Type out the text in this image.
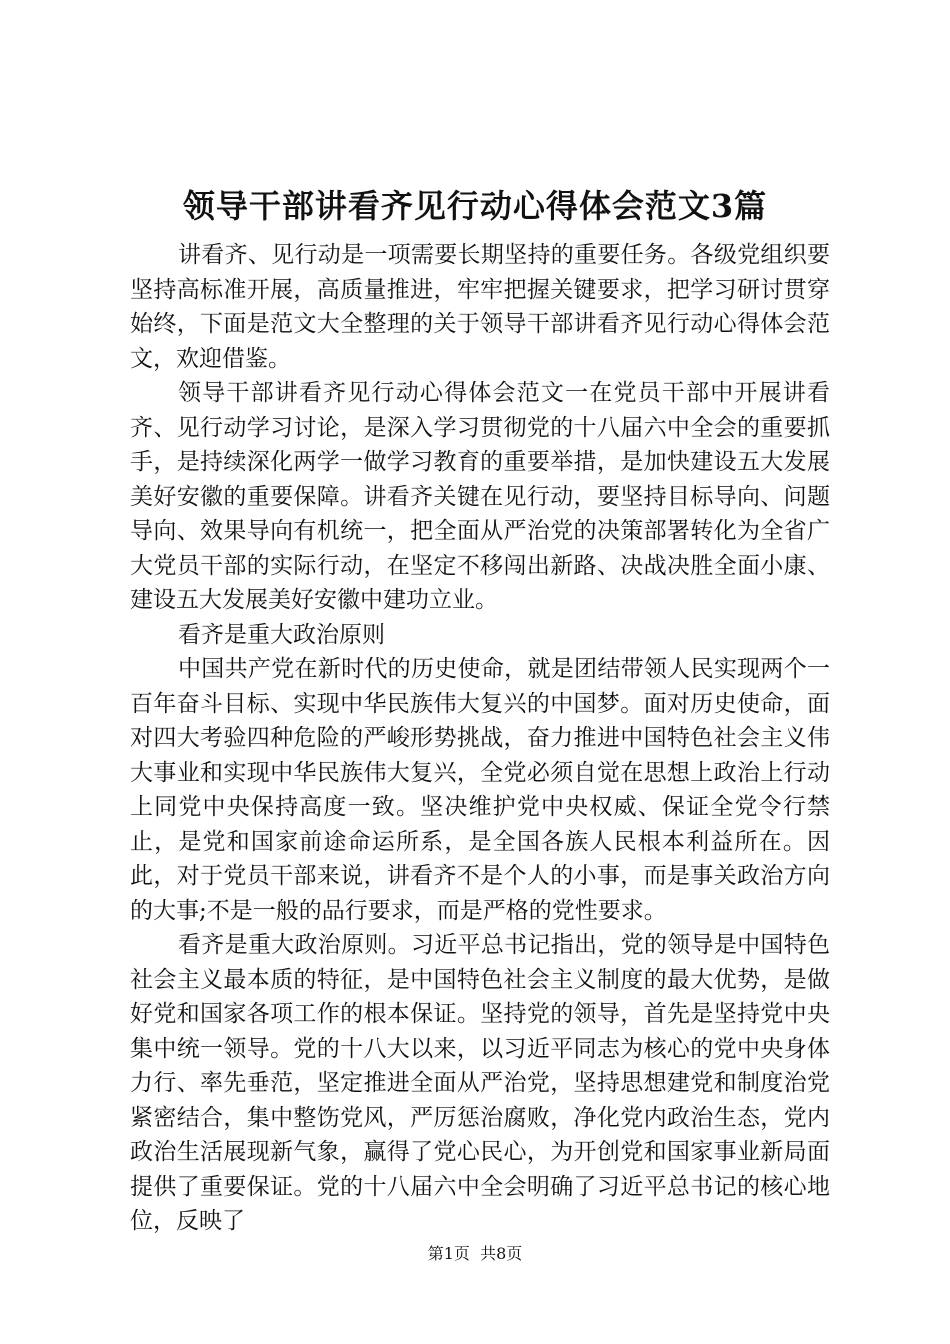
领导干部讲看齐见行动心得体会范文3篇

讲看齐、见行动是一项需要长期坚持的重要任务。各级党组织要坚持高标准开展，高质量推进，牢牢把握关键要求，把学习研讨贯穿始终，下面是范文大全整理的关于领导干部讲看齐见行动心得体会范文，欢迎借鉴。

领导干部讲看齐见行动心得体会范文一在党员干部中开展讲看齐、见行动学习讨论，是深入学习贯彻党的十八届六中全会的重要抓手，是持续深化两学一做学习教育的重要举措，是加快建设五大发展美好安徽的重要保障。讲看齐关键在见行动，要坚持目标导向、问题导向、效果导向有机统一，把全面从严治党的决策部署转化为全省广大党员干部的实际行动，在坚定不移闯出新路、决战决胜全面小康、建设五大发展美好安徽中建功立业。

看齐是重大政治原则

中国共产党在新时代的历史使命，就是团结带领人民实现两个一百年奋斗目标、实现中华民族伟大复兴的中国梦。面对历史使命，面对四大考验四种危险的严峻形势挑战，奋力推进中国特色社会主义伟大事业和实现中华民族伟大复兴，全党必须自觉在思想上政治上行动上同党中央保持高度一致。坚决维护党中央权威、保证全党令行禁止，是党和国家前途命运所系，是全国各族人民根本利益所在。因此，对于党员干部来说，讲看齐不是个人的小事，而是事关政治方向的大事;不是一般的品行要求，而是严格的党性要求。

看齐是重大政治原则。习近平总书记指出，党的领导是中国特色社会主义最本质的特征，是中国特色社会主义制度的最大优势，是做好党和国家各项工作的根本保证。坚持党的领导，首先是坚持党中央集中统一领导。党的十八大以来，以习近平同志为核心的党中央身体力行、率先垂范，坚定推进全面从严治党，坚持思想建党和制度治党紧密结合，集中整饬党风，严厉惩治腐败，净化党内政治生态，党内政治生活展现新气象，赢得了党心民心，为开创党和国家事业新局面提供了重要保证。党的十八届六中全会明确了习近平总书记的核心地位，反映了

第1页  共8页
